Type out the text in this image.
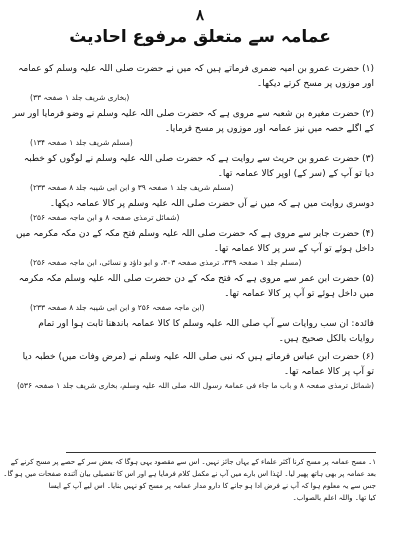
۸
عمامہ سے متعلق مرفوع احادیث
(۱) حضرت عمرو بن امیہ ضمری فرماتے ہیں کہ میں نے حضرت صلی اللہ علیہ وسلم کو عمامہ
اور موزوں پر مسح کرتے دیکھا۔
(بخاری شریف جلد ۱ صفحہ ۳۳)
(۲) حضرت مغیرہ بن شعبہ سے مروی ہے کہ حضرت صلی اللہ علیہ وسلم نے وضو فرمایا اور سر
کے اگلے حصہ میں نیز عمامہ اور موزوں پر مسح فرمایا۔
(مسلم شریف جلد ۱ صفحہ ۱۳۴)
(۳) حضرت عمرو بن حریث سے روایت ہے کہ حضرت صلی اللہ علیہ وسلم نے لوگوں کو خطبہ
دیا تو آپ کے (سر کے) اوپر کالا عمامہ تھا۔
(مسلم شریف جلد ۱ صفحہ ۳۹ و ابن ابی شیبہ جلد ۸ صفحہ ۲۳۳)
دوسری روایت میں ہے کہ میں نے آں حضرت صلی اللہ علیہ وسلم پر کالا عمامہ دیکھا۔
(شمائل ترمذی صفحہ ۸ و ابن ماجہ صفحہ ۲۵۶)
(۴) حضرت جابر سے مروی ہے کہ حضرت صلی اللہ علیہ وسلم فتح مکہ کے دن مکہ مکرمہ میں
داخل ہوئے تو آپ کے سر پر کالا عمامہ تھا۔
(مسلم جلد ۱ صفحہ ۳۳۹، ترمذی صفحہ ۳۰۳، و ابو داؤد و نسائی، ابن ماجہ صفحہ ۲۵۶)
(۵) حضرت ابن عمر سے مروی ہے کہ فتح مکہ کے دن حضرت صلی اللہ علیہ وسلم مکہ مکرمہ
میں داخل ہوئے تو آپ پر کالا عمامہ تھا۔
(ابن ماجہ صفحہ ۲۵۶ و ابن ابی شیبہ جلد ۸ صفحہ ۲۳۳)
فائدہ: ان سب روایات سے آپ صلی اللہ علیہ وسلم کا کالا عمامہ باندھنا ثابت ہوا اور تمام
روایات بالکل صحیح ہیں۔
(۶) حضرت ابن عباس فرماتے ہیں کہ نبی صلی اللہ علیہ وسلم نے (مرض وفات میں) خطبہ دیا
تو آپ پر کالا عمامہ تھا۔
(شمائل ترمذی صفحہ ۸ و باب ما جاء فی عمامۃ رسول اللہ صلی اللہ علیہ وسلم، بخاری شریف جلد ۱ صفحہ ۵۳۶)
۱۔ مسح عمامہ پر مسح کرنا آکثر علماء کے یہاں جائز نہیں۔ اس سے مقصود یہی ہوگا کہ بعض سر کے حصے پر مسح کرنے کے
بعد عمامہ پر بھی ہاتھ پھیر لیا۔ لہٰذا اس بارے میں آپ نے مکمل کلام فرمایا ہے اور اس کا تفصیلی بیان آئندہ صفحات میں ہو گا۔
جس سے یہ معلوم ہوا کہ آپ نے فرض ادا ہو جانے کا دارو مدار عمامہ پر مسح کو نہیں بنایا۔ اس لیے آپ کے ایسا
کیا تھا۔ واللہ اعلم بالصواب۔
